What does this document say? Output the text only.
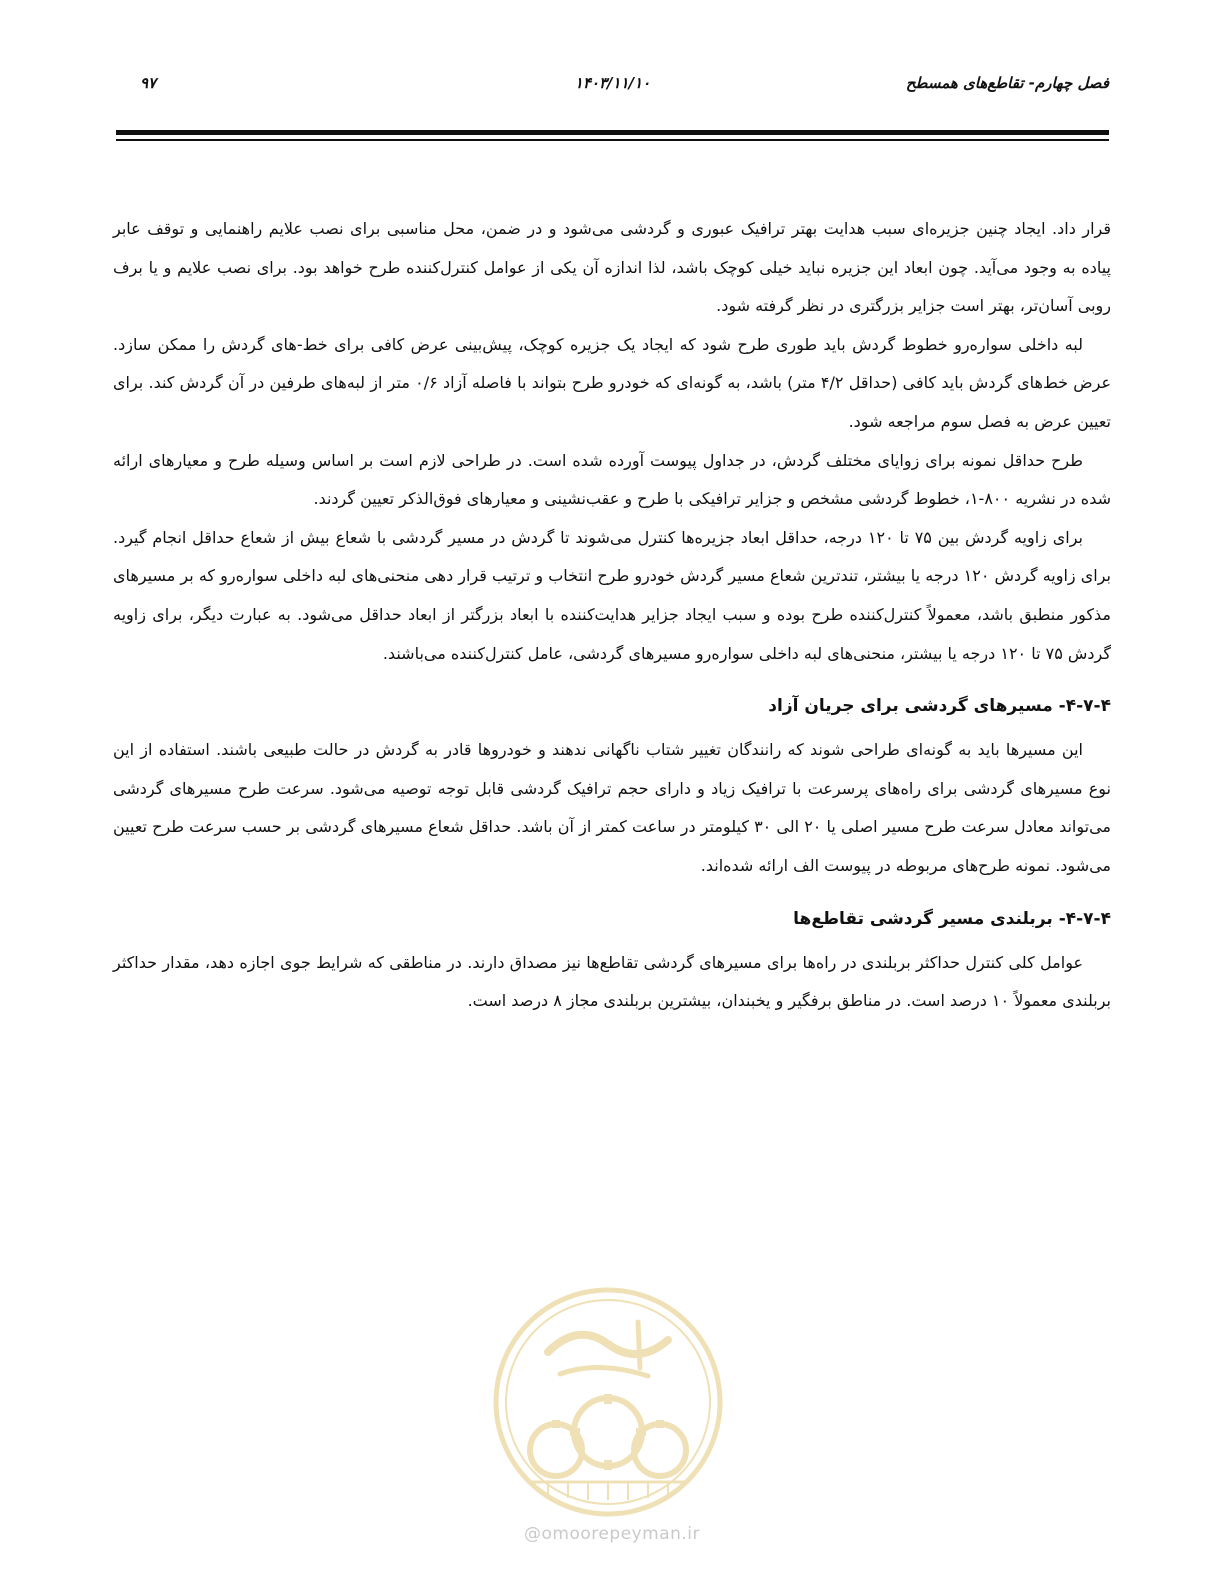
فصل چهارم- تقاطع‌های همسطح
۱۴۰۳/۱۱/۱۰
۹۷

قرار داد. ایجاد چنین جزیره‌ای سبب هدایت بهتر ترافیک عبوری و گردشی می‌شود و در ضمن، محل مناسبی برای نصب علایم راهنمایی و توقف عابر پیاده به وجود می‌آید. چون ابعاد این جزیره نباید خیلی کوچک باشد، لذا اندازه آن یکی از عوامل کنترل‌کننده طرح خواهد بود. برای نصب علایم و یا برف روبی آسان‌تر، بهتر است جزایر بزرگتری در نظر گرفته شود.

لبه داخلی سواره‌رو خطوط گردش باید طوری طرح شود که ایجاد یک جزیره کوچک، پیش‌بینی عرض کافی برای خط-های گردش را ممکن سازد. عرض خط‌های گردش باید کافی (حداقل ۴/۲ متر) باشد، به گونه‌ای که خودرو طرح بتواند با فاصله آزاد ۰/۶ متر از لبه‌های طرفین در آن گردش کند. برای تعیین عرض به فصل سوم مراجعه شود.

طرح حداقل نمونه برای زوایای مختلف گردش، در جداول پیوست آورده شده است. در طراحی لازم است بر اساس وسیله طرح و معیارهای ارائه شده در نشریه ۸۰۰-۱، خطوط گردشی مشخص و جزایر ترافیکی با طرح و عقب‌نشینی و معیارهای فوق‌الذکر تعیین گردند.

برای زاویه گردش بین ۷۵ تا ۱۲۰ درجه، حداقل ابعاد جزیره‌ها کنترل می‌شوند تا گردش در مسیر گردشی با شعاع بیش از شعاع حداقل انجام گیرد. برای زاویه گردش ۱۲۰ درجه یا بیشتر، تندترین شعاع مسیر گردش خودرو طرح انتخاب و ترتیب قرار دهی منحنی‌های لبه داخلی سواره‌رو که بر مسیرهای مذکور منطبق باشد، معمولاً کنترل‌کننده طرح بوده و سبب ایجاد جزایر هدایت‌کننده با ابعاد بزرگتر از ابعاد حداقل می‌شود. به عبارت دیگر، برای زاویه گردش ۷۵ تا ۱۲۰ درجه یا بیشتر، منحنی‌های لبه داخلی سواره‌رو مسیرهای گردشی، عامل کنترل‌کننده می‌باشند.

۴-۷-۴- مسیرهای گردشی برای جریان آزاد

این مسیرها باید به گونه‌ای طراحی شوند که رانندگان تغییر شتاب ناگهانی ندهند و خودروها قادر به گردش در حالت طبیعی باشند. استفاده از این نوع مسیرهای گردشی برای راه‌های پرسرعت با ترافیک زیاد و دارای حجم ترافیک گردشی قابل توجه توصیه می‌شود. سرعت طرح مسیرهای گردشی می‌تواند معادل سرعت طرح مسیر اصلی یا ۲۰ الی ۳۰ کیلومتر در ساعت کمتر از آن باشد. حداقل شعاع مسیرهای گردشی بر حسب سرعت طرح تعیین می‌شود. نمونه طرح‌های مربوطه در پیوست الف ارائه شده‌اند.

۴-۷-۴- بربلندی مسیر گردشی تقاطع‌ها

عوامل کلی کنترل حداکثر بربلندی در راه‌ها برای مسیرهای گردشی تقاطع‌ها نیز مصداق دارند. در مناطقی که شرایط جوی اجازه دهد، مقدار حداکثر بربلندی معمولاً ۱۰ درصد است. در مناطق برفگیر و یخبندان، بیشترین بربلندی مجاز ۸ درصد است.

@omoorepeyman.ir
